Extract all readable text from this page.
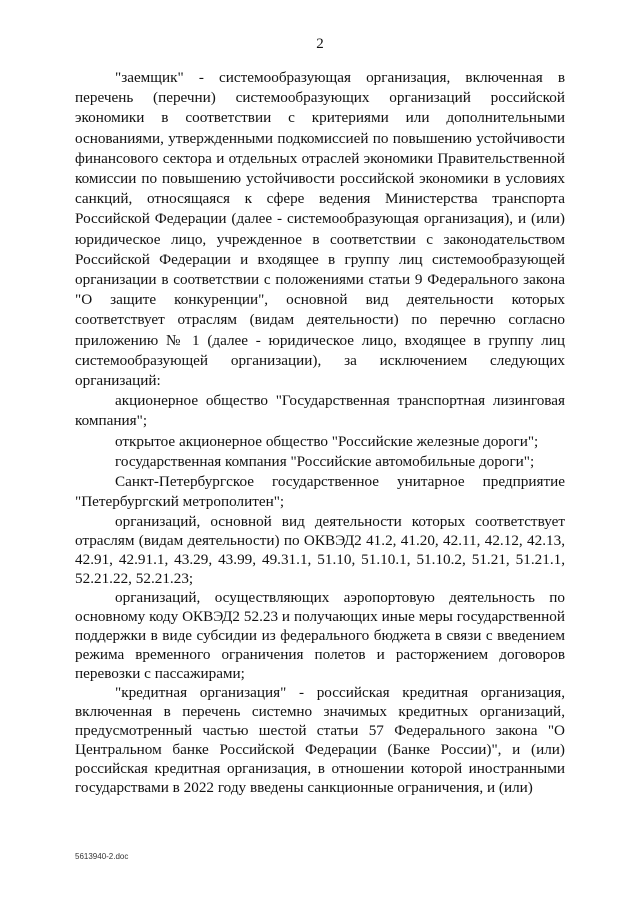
2

"заемщик" - системообразующая организация, включенная в перечень (перечни) системообразующих организаций российской экономики в соответствии с критериями или дополнительными основаниями, утвержденными подкомиссией по повышению устойчивости финансового сектора и отдельных отраслей экономики Правительственной комиссии по повышению устойчивости российской экономики в условиях санкций, относящаяся к сфере ведения Министерства транспорта Российской Федерации (далее - системообразующая организация), и (или) юридическое лицо, учрежденное в соответствии с законодательством Российской Федерации и входящее в группу лиц системообразующей организации в соответствии с положениями статьи 9 Федерального закона "О защите конкуренции", основной вид деятельности которых соответствует отраслям (видам деятельности) по перечню согласно приложению № 1 (далее - юридическое лицо, входящее в группу лиц системообразующей организации), за исключением следующих организаций:

акционерное общество "Государственная транспортная лизинговая компания";

открытое акционерное общество "Российские железные дороги";

государственная компания "Российские автомобильные дороги";

Санкт-Петербургское государственное унитарное предприятие "Петербургский метрополитен";

организаций, основной вид деятельности которых соответствует отраслям (видам деятельности) по ОКВЭД2 41.2, 41.20, 42.11, 42.12, 42.13, 42.91, 42.91.1, 43.29, 43.99, 49.31.1, 51.10, 51.10.1, 51.10.2, 51.21, 51.21.1, 52.21.22, 52.21.23;

организаций, осуществляющих аэропортовую деятельность по основному коду ОКВЭД2 52.23 и получающих иные меры государственной поддержки в виде субсидии из федерального бюджета в связи с введением режима временного ограничения полетов и расторжением договоров перевозки с пассажирами;

"кредитная организация" - российская кредитная организация, включенная в перечень системно значимых кредитных организаций, предусмотренный частью шестой статьи 57 Федерального закона "О Центральном банке Российской Федерации (Банке России)", и (или) российская кредитная организация, в отношении которой иностранными государствами в 2022 году введены санкционные ограничения, и (или)

5613940-2.doc
